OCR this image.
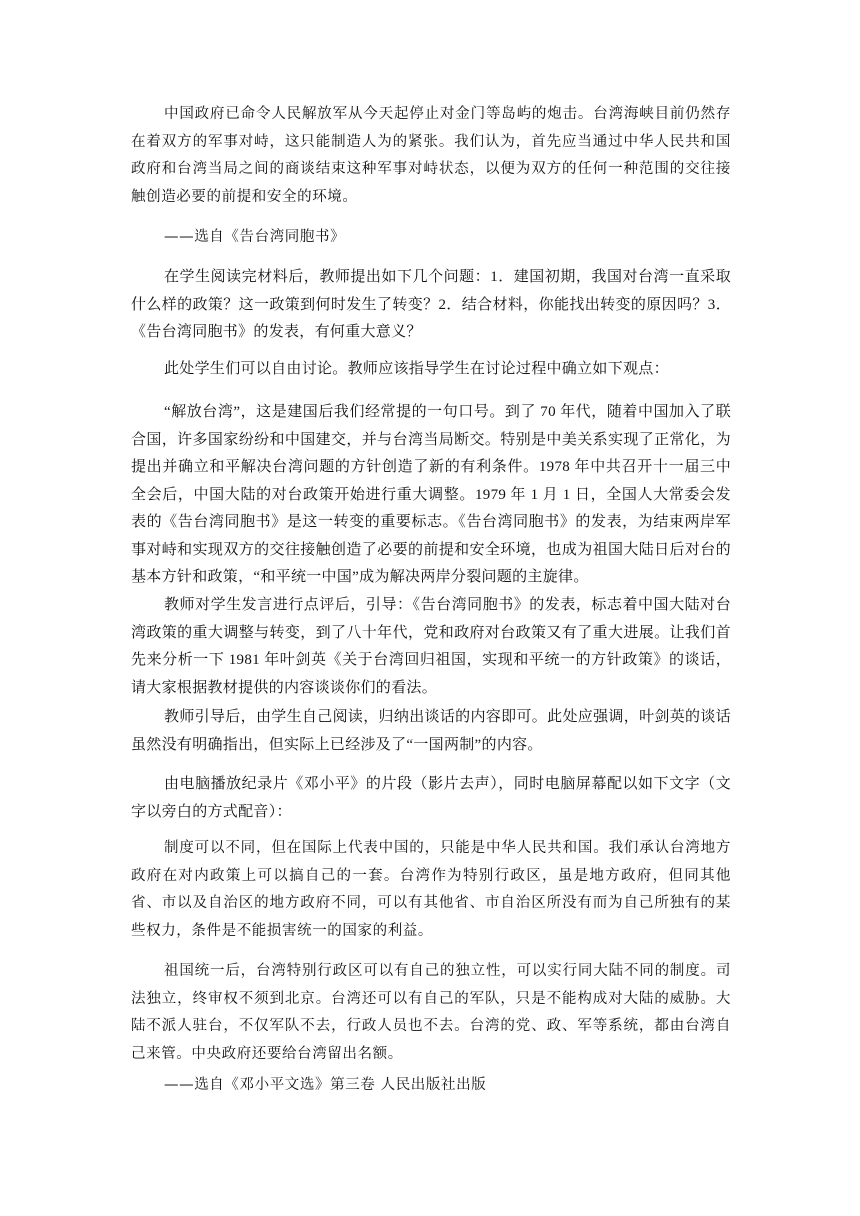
中国政府已命令人民解放军从今天起停止对金门等岛屿的炮击。台湾海峡目前仍然存在着双方的军事对峙，这只能制造人为的紧张。我们认为，首先应当通过中华人民共和国政府和台湾当局之间的商谈结束这种军事对峙状态，以便为双方的任何一种范围的交往接触创造必要的前提和安全的环境。

——选自《告台湾同胞书》

在学生阅读完材料后，教师提出如下几个问题：1．建国初期，我国对台湾一直采取什么样的政策？这一政策到何时发生了转变？2．结合材料，你能找出转变的原因吗？3．《告台湾同胞书》的发表，有何重大意义？

此处学生们可以自由讨论。教师应该指导学生在讨论过程中确立如下观点：

“解放台湾”，这是建国后我们经常提的一句口号。到了 70 年代，随着中国加入了联合国，许多国家纷纷和中国建交，并与台湾当局断交。特别是中美关系实现了正常化，为提出并确立和平解决台湾问题的方针创造了新的有利条件。1978 年中共召开十一届三中全会后，中国大陆的对台政策开始进行重大调整。1979 年 1 月 1 日，全国人大常委会发表的《告台湾同胞书》是这一转变的重要标志。《告台湾同胞书》的发表，为结束两岸军事对峙和实现双方的交往接触创造了必要的前提和安全环境，也成为祖国大陆日后对台的基本方针和政策，“和平统一中国”成为解决两岸分裂问题的主旋律。

教师对学生发言进行点评后，引导：《告台湾同胞书》的发表，标志着中国大陆对台湾政策的重大调整与转变，到了八十年代，党和政府对台政策又有了重大进展。让我们首先来分析一下 1981 年叶剑英《关于台湾回归祖国，实现和平统一的方针政策》的谈话，请大家根据教材提供的内容谈谈你们的看法。

教师引导后，由学生自己阅读，归纳出谈话的内容即可。此处应强调，叶剑英的谈话虽然没有明确指出，但实际上已经涉及了“一国两制”的内容。

由电脑播放纪录片《邓小平》的片段（影片去声），同时电脑屏幕配以如下文字（文字以旁白的方式配音）：

制度可以不同，但在国际上代表中国的，只能是中华人民共和国。我们承认台湾地方政府在对内政策上可以搞自己的一套。台湾作为特别行政区，虽是地方政府，但同其他省、市以及自治区的地方政府不同，可以有其他省、市自治区所没有而为自己所独有的某些权力，条件是不能损害统一的国家的利益。

祖国统一后，台湾特别行政区可以有自己的独立性，可以实行同大陆不同的制度。司法独立，终审权不须到北京。台湾还可以有自己的军队，只是不能构成对大陆的威胁。大陆不派人驻台，不仅军队不去，行政人员也不去。台湾的党、政、军等系统，都由台湾自己来管。中央政府还要给台湾留出名额。

——选自《邓小平文选》第三卷 人民出版社出版
